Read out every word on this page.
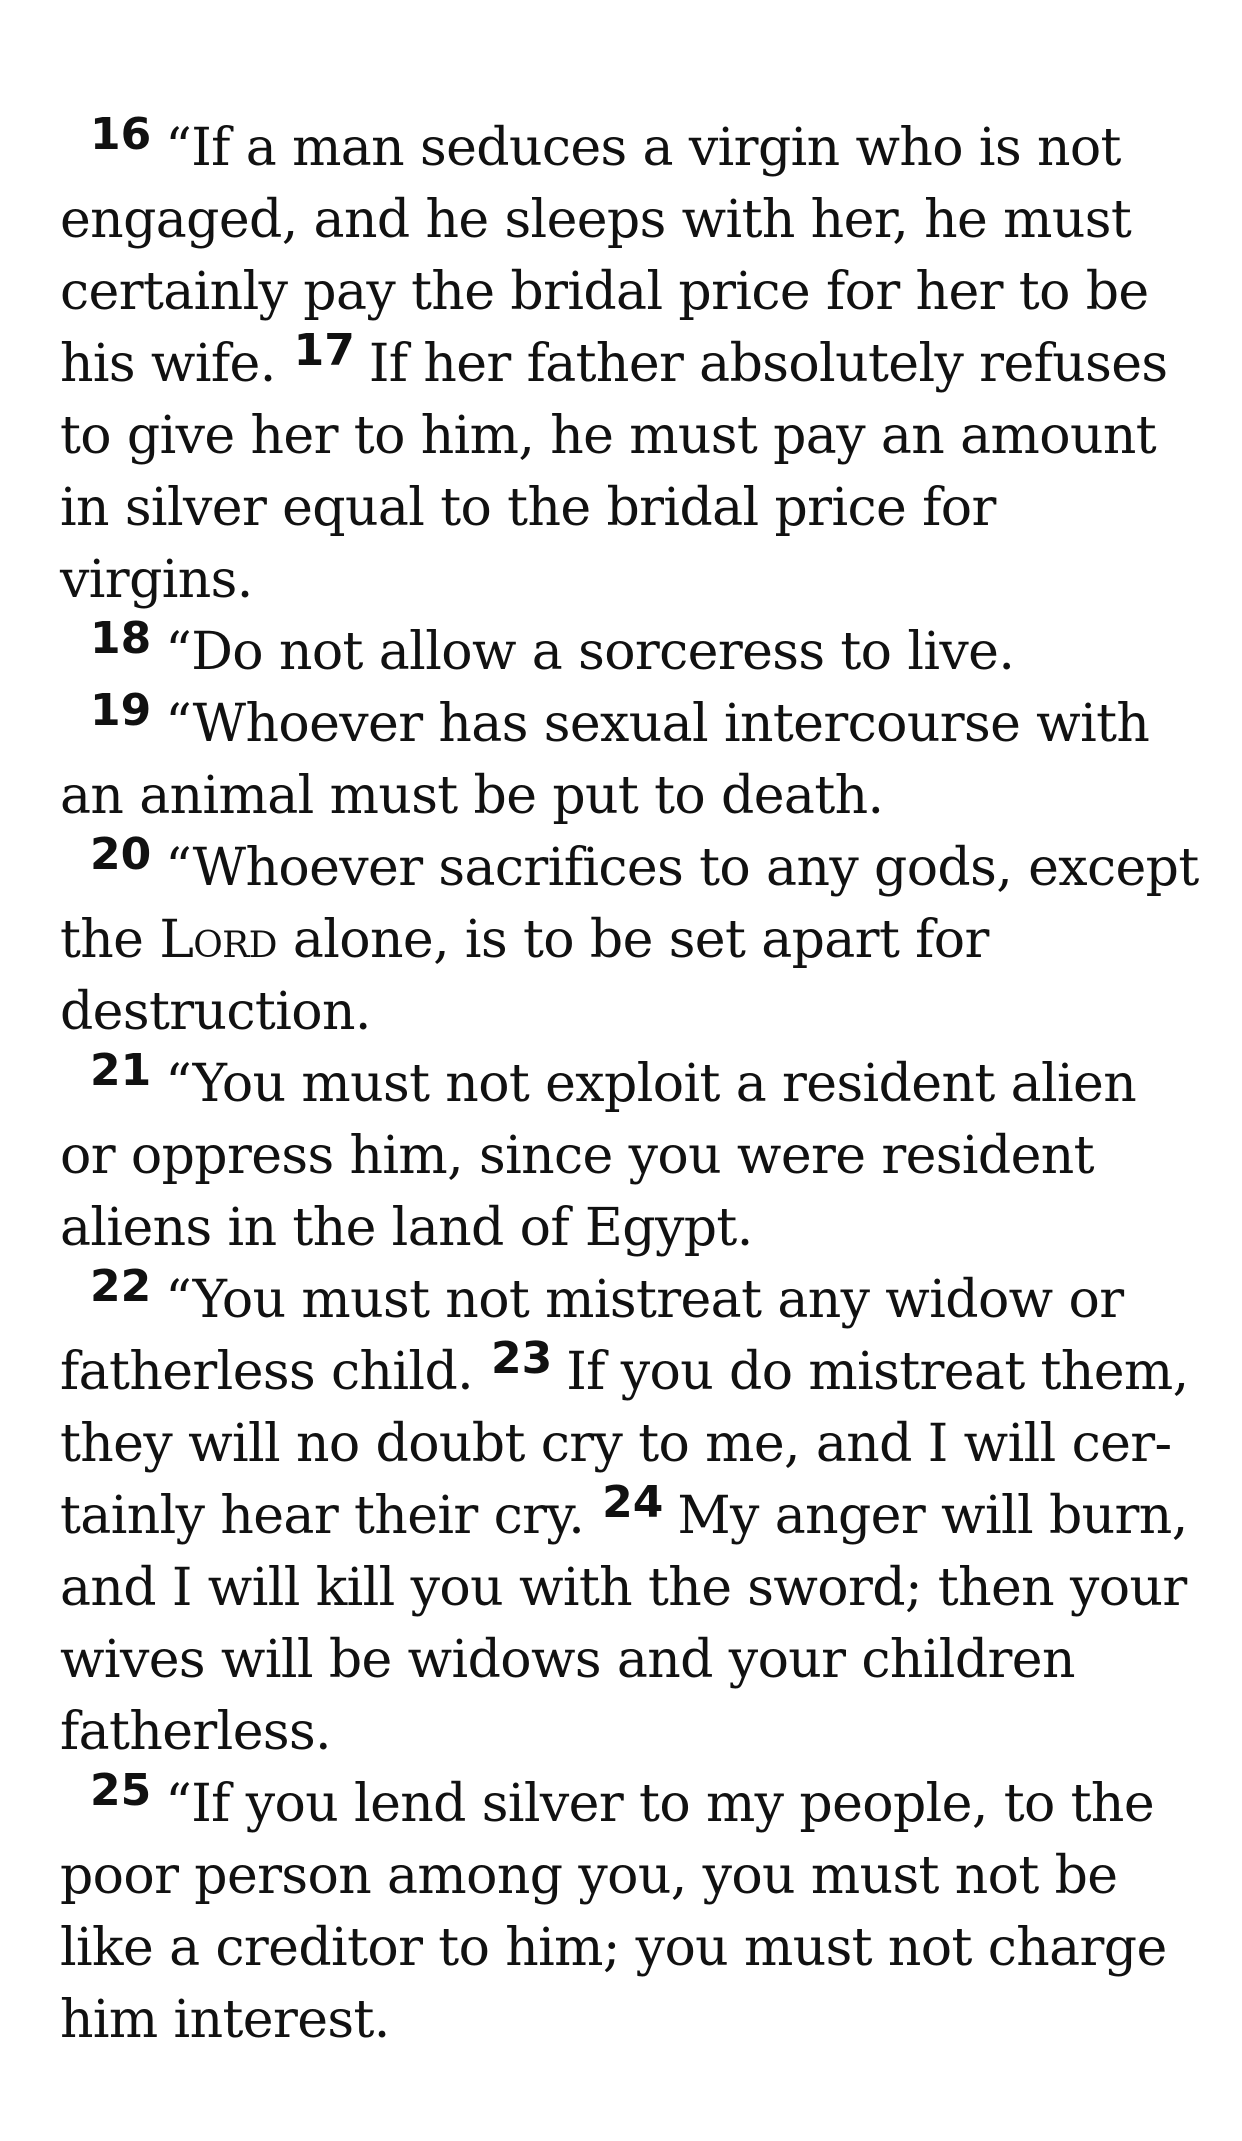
$^{16}$ “If a man seduces a virgin who is not engaged, and he sleeps with her, he must certainly pay the bridal price for her to be his wife. $^{17}$ If her father absolutely refuses to give her to him, he must pay an amount in silver equal to the bridal price for virgins.

$^{18}$ “Do not allow a sorceress to live.

$^{19}$ “Whoever has sexual intercourse with an animal must be put to death.

$^{20}$ “Whoever sacrifices to any gods, except the Lord alone, is to be set apart for destruction.

$^{21}$ “You must not exploit a resident alien or oppress him, since you were resident aliens in the land of Egypt.

$^{22}$ “You must not mistreat any widow or fatherless child. $^{23}$ If you do mistreat them, they will no doubt cry to me, and I will certainly hear their cry. $^{24}$ My anger will burn, and I will kill you with the sword; then your wives will be widows and your children fatherless.

$^{25}$ “If you lend silver to my people, to the poor person among you, you must not be like a creditor to him; you must not charge him interest.
